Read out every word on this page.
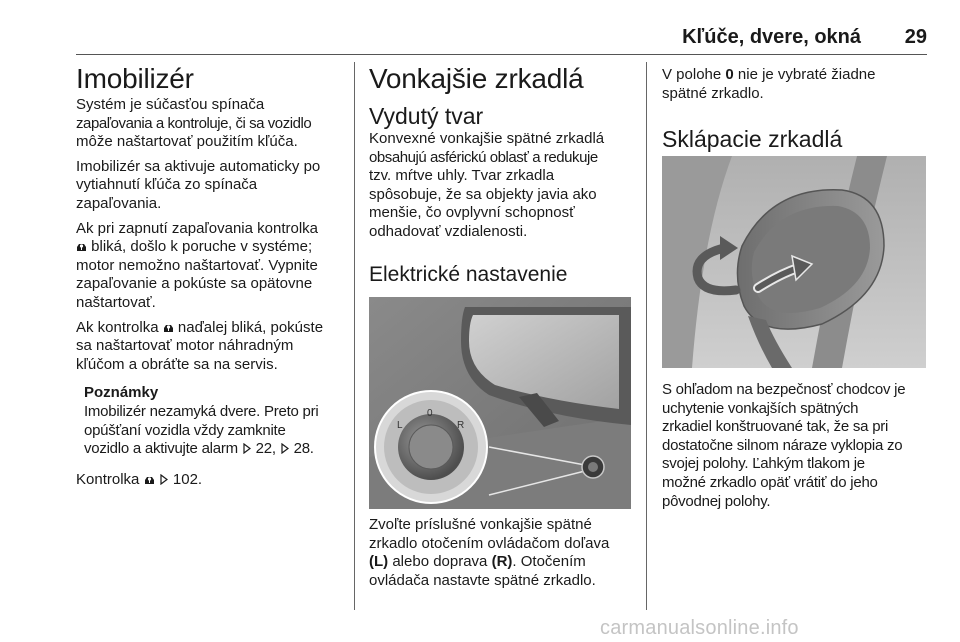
Kľúče, dvere, okná 29
Imobilizér

Systém je súčasťou spínača
zapaľovania a kontroluje, či sa vozidlo
môže naštartovať použitím kľúča.

Imobilizér sa aktivuje automaticky po
vytiahnutí kľúča zo spínača
zapaľovania.

Ak pri zapnutí zapaľovania kontrolka

bliká, došlo k poruche v systéme;
motor nemožno naštartovať. Vypnite
zapaľovanie a pokúste sa opätovne
naštartovať.

Ak kontrolka naďalej bliká, pokúste
sa naštartovať motor náhradným
kľúčom a obráťte sa na servis.

Poznámky

Imobilizér nezamyká dvere. Preto pri
opúšťaní vozidla vždy zamknite
vozidlo a aktivujte alarm 22,  28.

Kontrolka 102.

Vonkajšie zrkadlá
Vydutý tvar

Konvexné vonkajšie spätné zrkadlá
obsahujú asférickú oblasť a redukuje
tzv. mŕtve uhly. Tvar zrkadla
spôsobuje, že sa objekty javia ako
menšie, čo ovplyvní schopnosť
odhadovať vzdialenosti.

Elektrické nastavenie
L
0
R

Zvoľte príslušné vonkajšie spätné
zrkadlo otočením ovládačom doľava
(L) alebo doprava (R). Otočením
ovládača nastavte spätné zrkadlo.

V polohe 0 nie je vybraté žiadne
spätné zrkadlo.

Sklápacie zrkadlá

S ohľadom na bezpečnosť chodcov je
uchytenie vonkajších spätných
zrkadiel konštruované tak, že sa pri
dostatočne silnom náraze vyklopia zo
svojej polohy. Ľahkým tlakom je
možné zrkadlo opäť vrátiť do jeho
pôvodnej polohy.

carmanualsonline.info
